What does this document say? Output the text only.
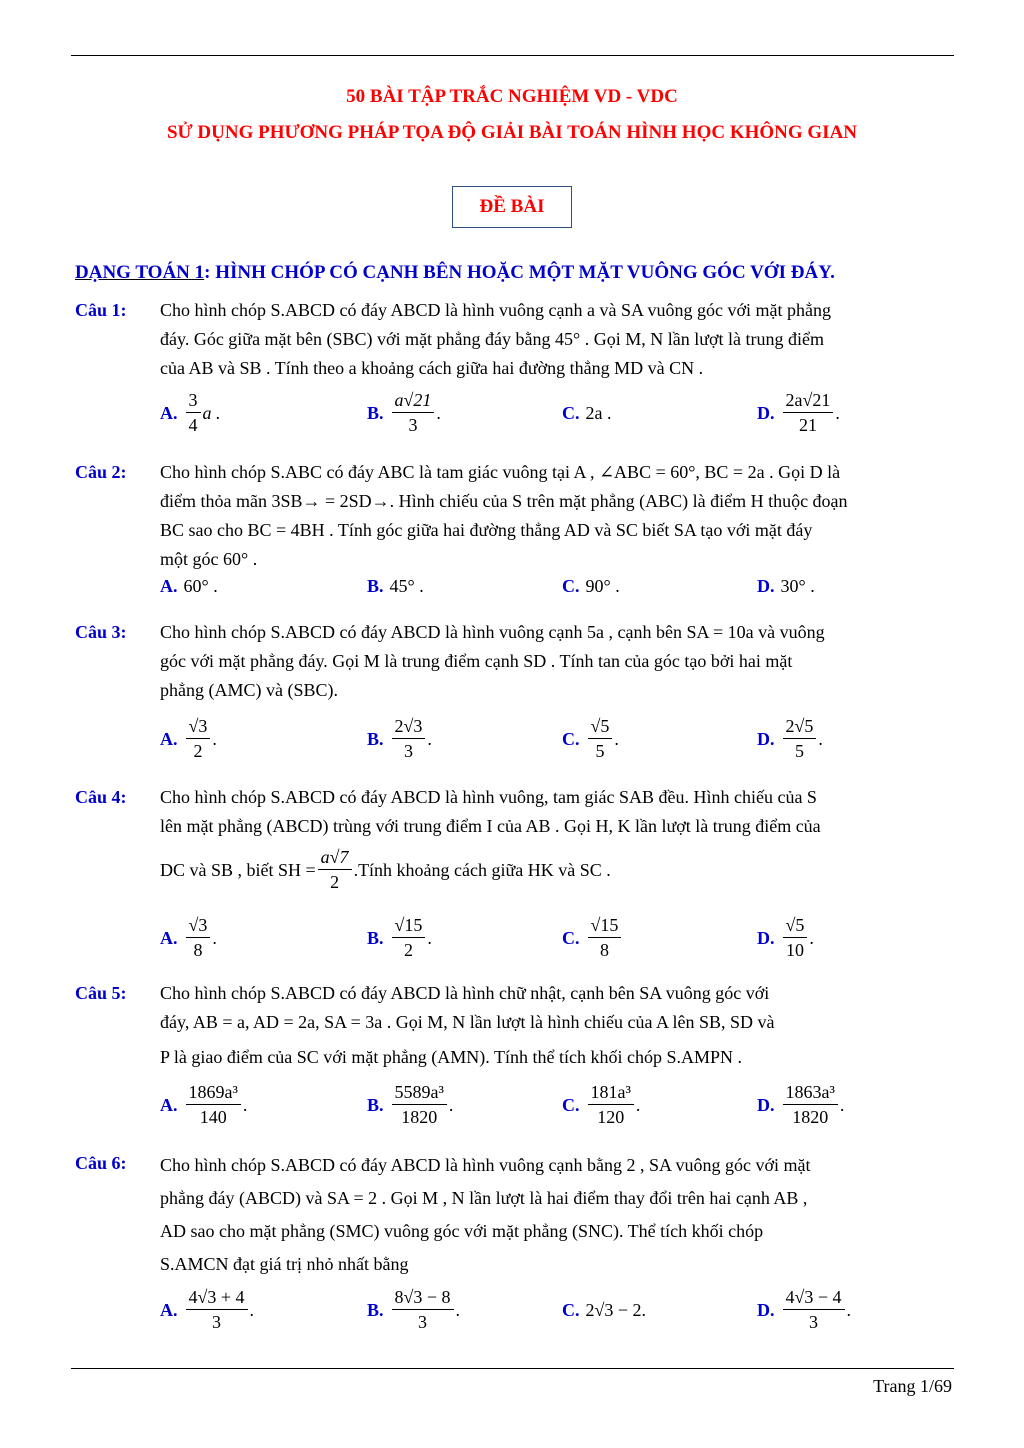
50 BÀI TẬP TRẮC NGHIỆM VD - VDC
SỬ DỤNG PHƯƠNG PHÁP TỌA ĐỘ GIẢI BÀI TOÁN HÌNH HỌC KHÔNG GIAN
ĐỀ BÀI
DẠNG TOÁN 1: HÌNH CHÓP CÓ CẠNH BÊN HOẶC MỘT MẶT VUÔNG GÓC VỚI ĐÁY.
Câu 1: Cho hình chóp S.ABCD có đáy ABCD là hình vuông cạnh a và SA vuông góc với mặt phẳng
đáy. Góc giữa mặt bên (SBC) với mặt phẳng đáy bằng 45° . Gọi M, N lần lượt là trung điểm
của AB và SB . Tính theo a khoảng cách giữa hai đường thẳng MD và CN .
A. $\frac{3}{4}$ a .	B. $\frac{a√21}{3}$ .	C. 2a .	D. $\frac{2a√21}{21}$ .
Câu 2: Cho hình chóp S.ABC có đáy ABC là tam giác vuông tại A , ∠ABC = 60°, BC = 2a . Gọi D là
điểm thỏa mãn 3SB→ = 2SD→. Hình chiếu của S trên mặt phẳng (ABC) là điểm H thuộc đoạn
BC sao cho BC = 4BH . Tính góc giữa hai đường thẳng AD và SC biết SA tạo với mặt đáy
một góc 60° .
A. 60° .	B. 45° .	C. 90° .	D. 30° .
Câu 3: Cho hình chóp S.ABCD có đáy ABCD là hình vuông cạnh 5a , cạnh bên SA = 10a và vuông
góc với mặt phẳng đáy. Gọi M là trung điểm cạnh SD . Tính tan của góc tạo bởi hai mặt
phẳng (AMC) và (SBC).
A. $\frac{√3}{2}$ .	B. $\frac{2√3}{3}$ .	C. $\frac{√5}{5}$ .	D. $\frac{2√5}{5}$ .
Câu 4: Cho hình chóp S.ABCD có đáy ABCD là hình vuông, tam giác SAB đều. Hình chiếu của S
lên mặt phẳng (ABCD) trùng với trung điểm I của AB . Gọi H, K lần lượt là trung điểm của
DC và SB , biết SH = $\frac{a√7}{2}$ .Tính khoảng cách giữa HK và SC .
A. $\frac{√3}{8}$ .	B. $\frac{√15}{2}$ .	C. $\frac{√15}{8}$	D. $\frac{√5}{10}$ .
Câu 5: Cho hình chóp S.ABCD có đáy ABCD là hình chữ nhật, cạnh bên SA vuông góc với
đáy, AB = a, AD = 2a, SA = 3a . Gọi M, N lần lượt là hình chiếu của A lên SB, SD và
P là giao điểm của SC với mặt phẳng (AMN). Tính thể tích khối chóp S.AMPN .
A. $\frac{\text{1869a³}}{140}$ .	B. $\frac{\text{5589a³}}{1820}$ .	C. $\frac{\text{181a³}}{120}$ .	D. $\frac{\text{1863a³}}{1820}$ .
Câu 6: Cho hình chóp S.ABCD có đáy ABCD là hình vuông cạnh bằng 2 , SA vuông góc với mặt
phẳng đáy (ABCD) và SA = 2 . Gọi M , N lần lượt là hai điểm thay đổi trên hai cạnh AB ,
AD sao cho mặt phẳng (SMC) vuông góc với mặt phẳng (SNC). Thể tích khối chóp
S.AMCN đạt giá trị nhỏ nhất bằng
A. $\frac{4√3 + 4}{3}$ .	B. $\frac{8√3 - 8}{3}$ .	C. 2√3 − 2.	D. $\frac{4√3 - 4}{3}$ .
Trang 1/69
